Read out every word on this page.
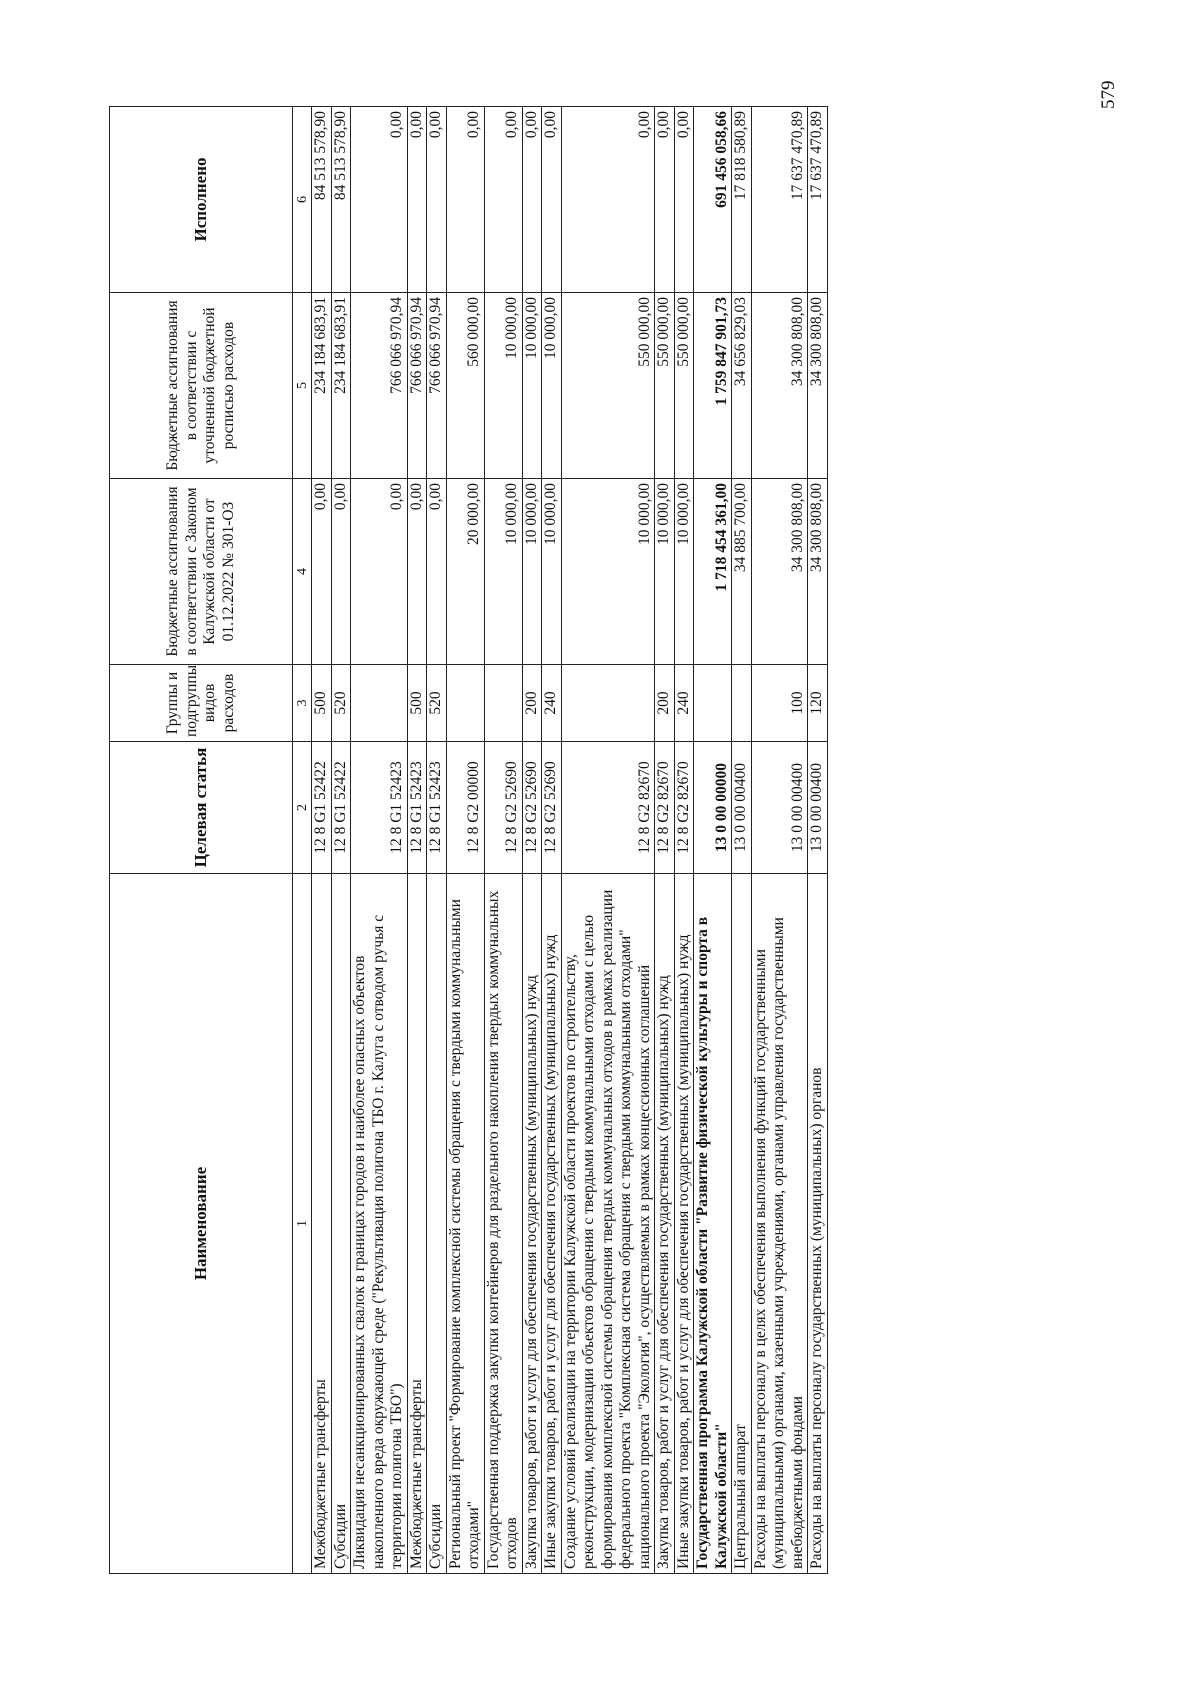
579
Наименование	Целевая статья	Группы и подгруппы видов расходов	Бюджетные ассигнования в соответствии с Законом Калужской области от 01.12.2022 № 301-ОЗ	Бюджетные ассигнования в соответствии с уточненной бюджетной росписью расходов	Исполнено
1	2	3	4	5	6
Межбюджетные трансферты	12 8 G1 52422	500	0,00	234 184 683,91	84 513 578,90
Субсидии	12 8 G1 52422	520	0,00	234 184 683,91	84 513 578,90
Ликвидация несанкционированных свалок в границах городов и наиболее опасных объектов накопленного вреда окружающей среде ("Рекультивация полигона ТБО г. Калуга с отводом ручья с территории полигона ТБО")	12 8 G1 52423		0,00	766 066 970,94	0,00
Межбюджетные трансферты	12 8 G1 52423	500	0,00	766 066 970,94	0,00
Субсидии	12 8 G1 52423	520	0,00	766 066 970,94	0,00
Региональный проект "Формирование комплексной системы обращения с твердыми коммунальными отходами"	12 8 G2 00000		20 000,00	560 000,00	0,00
Государственная поддержка закупки контейнеров для раздельного накопления твердых коммунальных отходов	12 8 G2 52690		10 000,00	10 000,00	0,00
Закупка товаров, работ и услуг для обеспечения государственных (муниципальных) нужд	12 8 G2 52690	200	10 000,00	10 000,00	0,00
Иные закупки товаров, работ и услуг для обеспечения государственных (муниципальных) нужд	12 8 G2 52690	240	10 000,00	10 000,00	0,00
Создание условий реализации на территории Калужской области проектов по строительству, реконструкции, модернизации объектов обращения с твердыми коммунальными отходами с целью формирования комплексной системы обращения твердых коммунальных отходов в рамках реализации федерального проекта "Комплексная система обращения с твердыми коммунальными отходами" национального проекта "Экология", осуществляемых в рамках концессионных соглашений	12 8 G2 82670		10 000,00	550 000,00	0,00
Закупка товаров, работ и услуг для обеспечения государственных (муниципальных) нужд	12 8 G2 82670	200	10 000,00	550 000,00	0,00
Иные закупки товаров, работ и услуг для обеспечения государственных (муниципальных) нужд	12 8 G2 82670	240	10 000,00	550 000,00	0,00
Государственная программа Калужской области "Развитие физической культуры и спорта в Калужской области"	13 0 00 00000		1 718 454 361,00	1 759 847 901,73	691 456 058,66
Центральный аппарат	13 0 00 00400		34 885 700,00	34 656 829,03	17 818 580,89
Расходы на выплаты персоналу в целях обеспечения выполнения функций государственными (муниципальными) органами, казенными учреждениями, органами управления государственными внебюджетными фондами	13 0 00 00400	100	34 300 808,00	34 300 808,00	17 637 470,89
Расходы на выплаты персоналу государственных (муниципальных) органов	13 0 00 00400	120	34 300 808,00	34 300 808,00	17 637 470,89
